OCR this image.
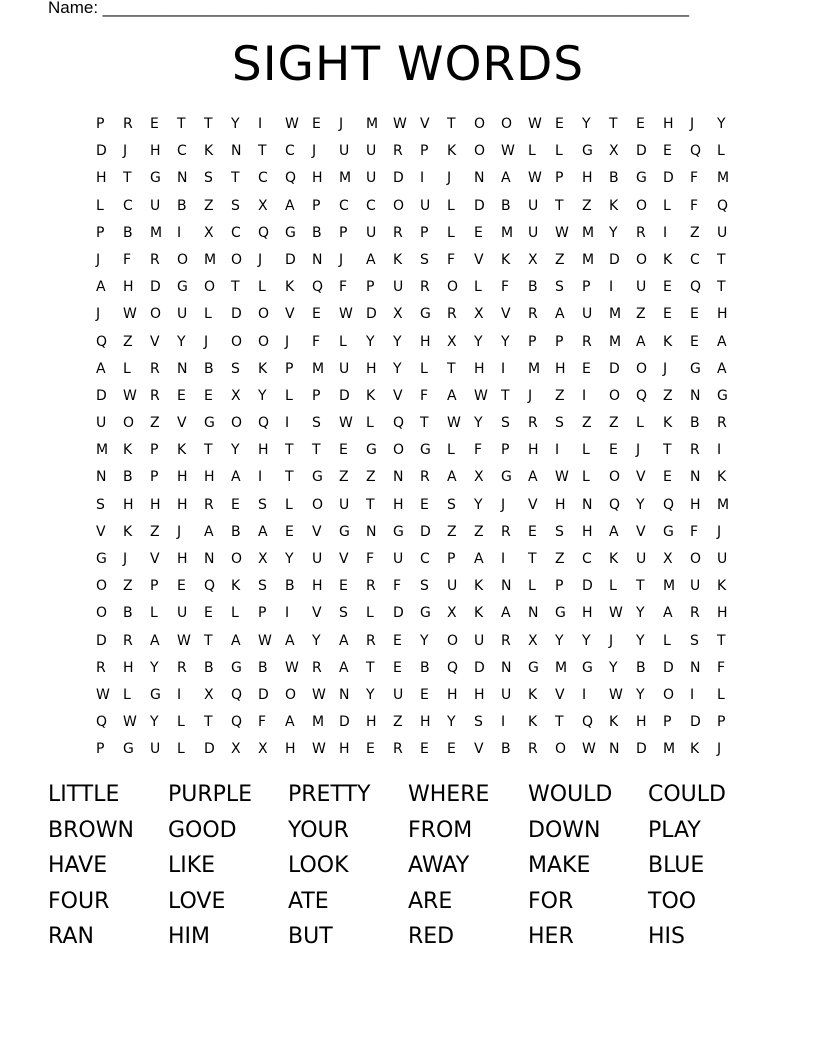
Name: ______________________________________________________________
SIGHT WORDS
P R E T T Y I W E J M W V T O O W E Y T E H J Y
D J H C K N T C J U U R P K O W L L G X D E Q L
H T G N S T C Q H M U D I J N A W P H B G D F M
L C U B Z S X A P C C O U L D B U T Z K O L F Q
P B M I X C Q G B P U R P L E M U W M Y R I Z U
J F R O M O J D N J A K S F V K X Z M D O K C T
A H D G O T L K Q F P U R O L F B S P I U E Q T
J W O U L D O V E W D X G R X V R A U M Z E E H
Q Z V Y J O O J F L Y Y H X Y Y P P R M A K E A
A L R N B S K P M U H Y L T H I M H E D O J G A
D W R E E X Y L P D K V F A W T J Z I O Q Z N G
U O Z V G O Q I S W L Q T W Y S R S Z Z L K B R
M K P K T Y H T T E G O G L F P H I L E J T R I
N B P H H A I T G Z Z N R A X G A W L O V E N K
S H H H R E S L O U T H E S Y J V H N Q Y Q H M
V K Z J A B A E V G N G D Z Z R E S H A V G F J
G J V H N O X Y U V F U C P A I T Z C K U X O U
O Z P E Q K S B H E R F S U K N L P D L T M U K
O B L U E L P I V S L D G X K A N G H W Y A R H
D R A W T A W A Y A R E Y O U R X Y Y J Y L S T
R H Y R B G B W R A T E B Q D N G M G Y B D N F
W L G I X Q D O W N Y U E H H U K V I W Y O I L
Q W Y L T Q F A M D H Z H Y S I K T Q K H P D P
P G U L D X X H W H E R E E V B R O W N D M K J
LITTLE PURPLE PRETTY WHERE WOULD COULD
BROWN GOOD YOUR	FROM	DOWN PLAY
HAVE	LIKE	LOOK	AWAY	MAKE	BLUE
FOUR	LOVE	ATE	ARE	FOR	TOO
RAN	HIM	BUT	RED	HER	HIS
